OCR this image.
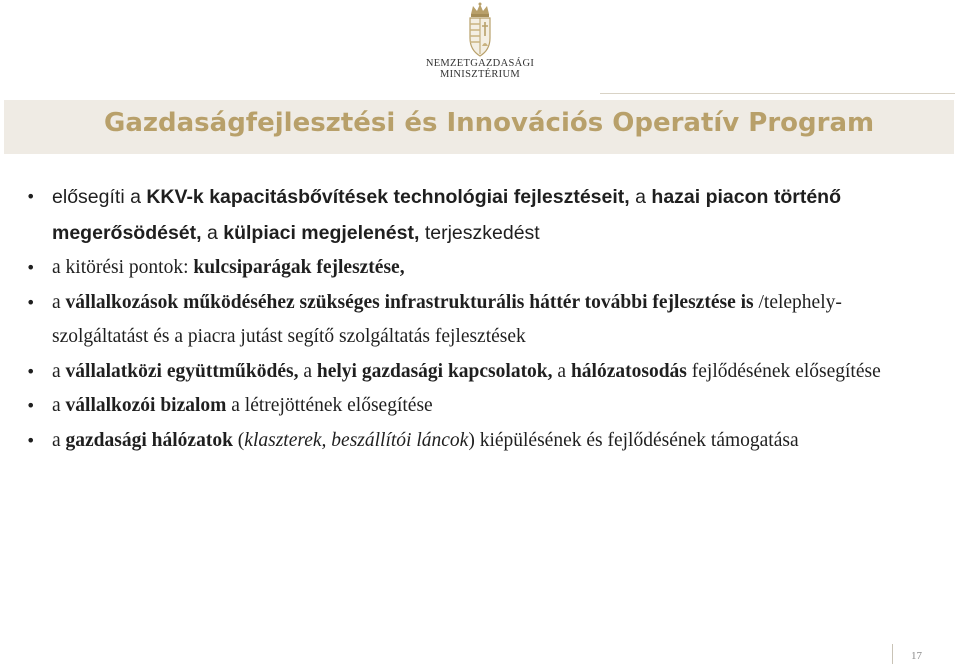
NEMZETGAZDASÁGI
MINISZTÉRIUM
Gazdaságfejlesztési és Innovációs Operatív Program
• elősegíti a KKV-k kapacitásbővítések technológiai fejlesztéseit, a hazai piacon történő megerősödését, a külpiaci megjelenést, terjeszkedést
• a kitörési pontok: kulcsiparágak fejlesztése,
• a vállalkozások működéséhez szükséges infrastrukturális háttér további fejlesztése is /telephely-szolgáltatást és a piacra jutást segítő szolgáltatás fejlesztések
• a vállalatközi együttműködés, a helyi gazdasági kapcsolatok, a hálózatosodás fejlődésének elősegítése
• a vállalkozói bizalom a létrejöttének elősegítése
• a gazdasági hálózatok (klaszterek, beszállítói láncok) kiépülésének és fejlődésének támogatása
17
